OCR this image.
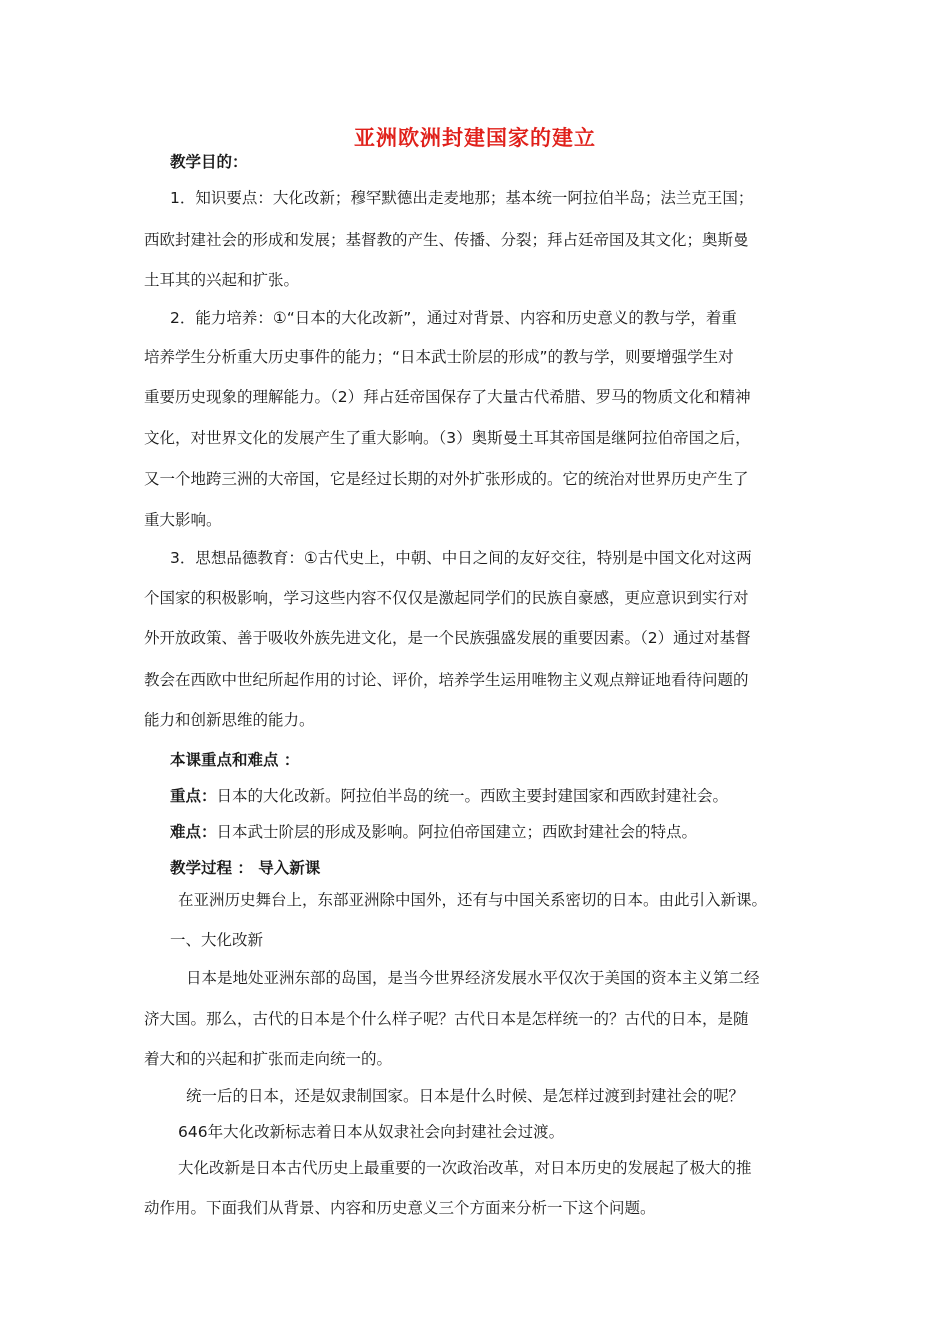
亚洲欧洲封建国家的建立
教学目的：
1．知识要点：大化改新；穆罕默德出走麦地那；基本统一阿拉伯半岛；法兰克王国；
西欧封建社会的形成和发展；基督教的产生、传播、分裂；拜占廷帝国及其文化；奥斯曼
土耳其的兴起和扩张。
2．能力培养：①“日本的大化改新”，通过对背景、内容和历史意义的教与学，着重
培养学生分析重大历史事件的能力；“日本武士阶层的形成”的教与学，则要增强学生对
重要历史现象的理解能力。（2）拜占廷帝国保存了大量古代希腊、罗马的物质文化和精神
文化，对世界文化的发展产生了重大影响。（3）奥斯曼土耳其帝国是继阿拉伯帝国之后，
又一个地跨三洲的大帝国，它是经过长期的对外扩张形成的。它的统治对世界历史产生了
重大影响。
3．思想品德教育：①古代史上，中朝、中日之间的友好交往，特别是中国文化对这两
个国家的积极影响，学习这些内容不仅仅是激起同学们的民族自豪感，更应意识到实行对
外开放政策、善于吸收外族先进文化，是一个民族强盛发展的重要因素。（2）通过对基督
教会在西欧中世纪所起作用的讨论、评价，培养学生运用唯物主义观点辩证地看待问题的
能力和创新思维的能力。
本课重点和难点 ：
重点：日本的大化改新。阿拉伯半岛的统一。西欧主要封建国家和西欧封建社会。
难点：日本武士阶层的形成及影响。阿拉伯帝国建立；西欧封建社会的特点。
教学过程 ： 导入新课
在亚洲历史舞台上，东部亚洲除中国外，还有与中国关系密切的日本。由此引入新课。
一、大化改新
日本是地处亚洲东部的岛国，是当今世界经济发展水平仅次于美国的资本主义第二经
济大国。那么，古代的日本是个什么样子呢？古代日本是怎样统一的？古代的日本，是随
着大和的兴起和扩张而走向统一的。
统一后的日本，还是奴隶制国家。日本是什么时候、是怎样过渡到封建社会的呢？
646年大化改新标志着日本从奴隶社会向封建社会过渡。
大化改新是日本古代历史上最重要的一次政治改革，对日本历史的发展起了极大的推
动作用。下面我们从背景、内容和历史意义三个方面来分析一下这个问题。
